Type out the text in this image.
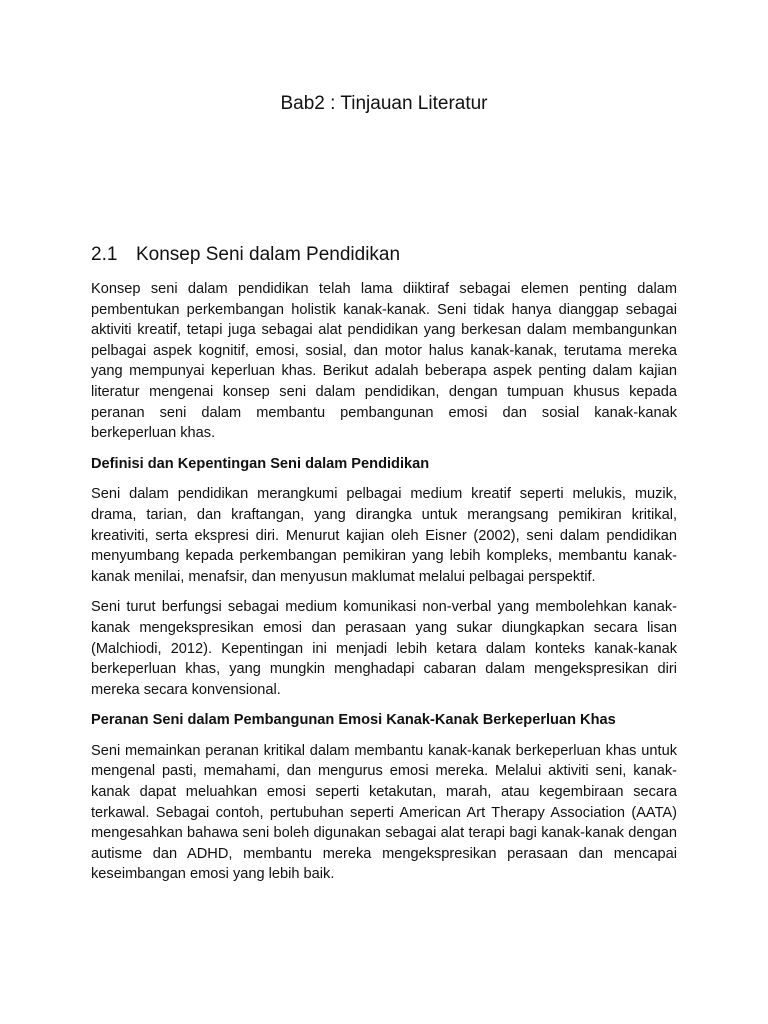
Bab2 : Tinjauan Literatur
2.1 Konsep Seni dalam Pendidikan

Konsep seni dalam pendidikan telah lama diiktiraf sebagai elemen penting dalam pembentukan perkembangan holistik kanak-kanak. Seni tidak hanya dianggap sebagai aktiviti kreatif, tetapi juga sebagai alat pendidikan yang berkesan dalam membangunkan pelbagai aspek kognitif, emosi, sosial, dan motor halus kanak-kanak, terutama mereka yang mempunyai keperluan khas. Berikut adalah beberapa aspek penting dalam kajian literatur mengenai konsep seni dalam pendidikan, dengan tumpuan khusus kepada peranan seni dalam membantu pembangunan emosi dan sosial kanak-kanak berkeperluan khas.

Definisi dan Kepentingan Seni dalam Pendidikan

Seni dalam pendidikan merangkumi pelbagai medium kreatif seperti melukis, muzik, drama, tarian, dan kraftangan, yang dirangka untuk merangsang pemikiran kritikal, kreativiti, serta ekspresi diri. Menurut kajian oleh Eisner (2002), seni dalam pendidikan menyumbang kepada perkembangan pemikiran yang lebih kompleks, membantu kanak-kanak menilai, menafsir, dan menyusun maklumat melalui pelbagai perspektif.

Seni turut berfungsi sebagai medium komunikasi non-verbal yang membolehkan kanak-kanak mengekspresikan emosi dan perasaan yang sukar diungkapkan secara lisan (Malchiodi, 2012). Kepentingan ini menjadi lebih ketara dalam konteks kanak-kanak berkeperluan khas, yang mungkin menghadapi cabaran dalam mengekspresikan diri mereka secara konvensional.

Peranan Seni dalam Pembangunan Emosi Kanak-Kanak Berkeperluan Khas

Seni memainkan peranan kritikal dalam membantu kanak-kanak berkeperluan khas untuk mengenal pasti, memahami, dan mengurus emosi mereka. Melalui aktiviti seni, kanak-kanak dapat meluahkan emosi seperti ketakutan, marah, atau kegembiraan secara terkawal. Sebagai contoh, pertubuhan seperti American Art Therapy Association (AATA) mengesahkan bahawa seni boleh digunakan sebagai alat terapi bagi kanak-kanak dengan autisme dan ADHD, membantu mereka mengekspresikan perasaan dan mencapai keseimbangan emosi yang lebih baik.
